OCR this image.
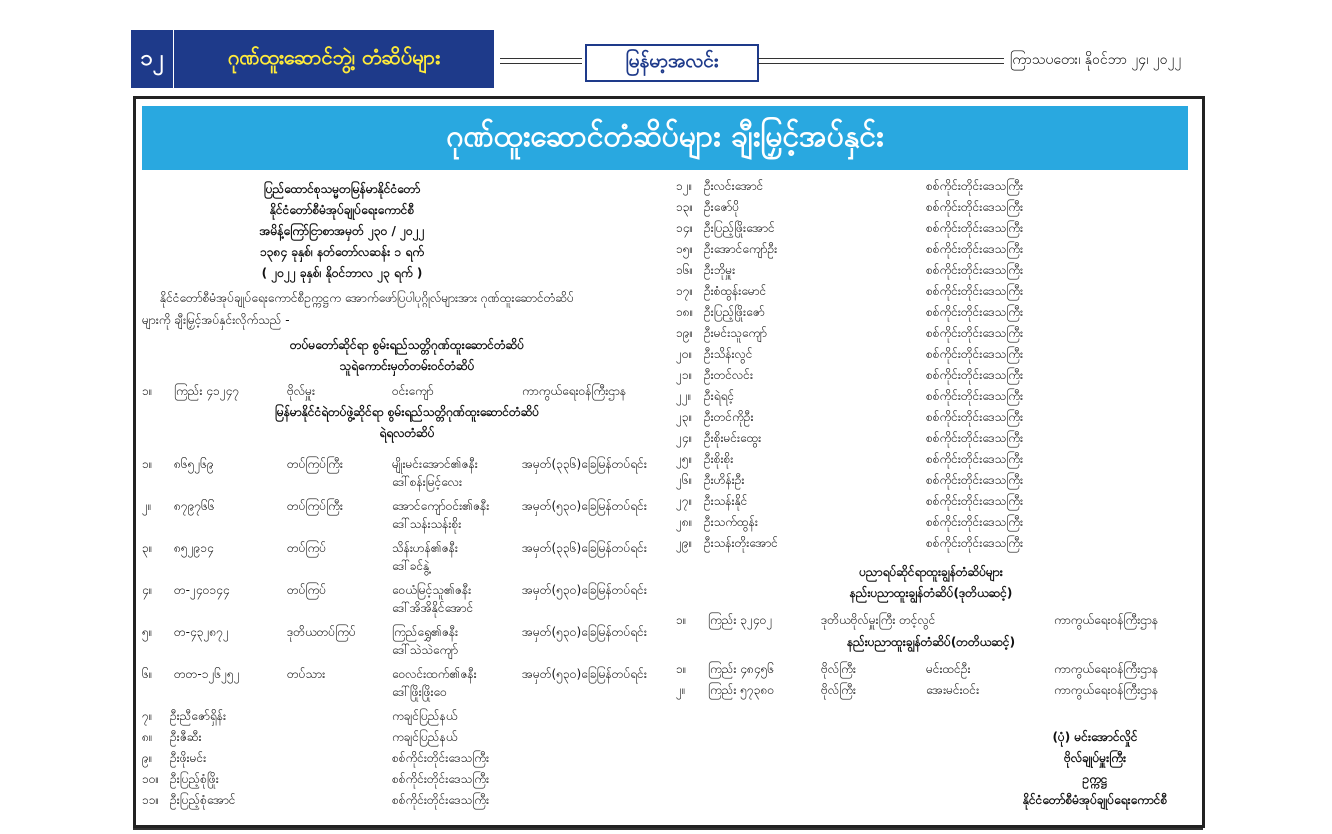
၁၂	ဂုဏ်ထူးဆောင်ဘွဲ့၊ တံဆိပ်များ	မြန်မာ့အလင်း	ကြာသပတေး၊ နိုဝင်ဘာ ၂၄၊ ၂၀၂၂
ဂုဏ်ထူးဆောင်တံဆိပ်များ ချီးမြှင့်အပ်နှင်း
ပြည်ထောင်စုသမ္မတမြန်မာနိုင်ငံတော်
နိုင်ငံတော်စီမံအုပ်ချုပ်ရေးကောင်စီ
အမိန့်ကြော်ငြာစာအမှတ် ၂၃၀ / ၂၀၂၂
၁၃၈၄ ခုနှစ်၊ နတ်တော်လဆန်း ၁ ရက်
( ၂၀၂၂ ခုနှစ်၊ နိုဝင်ဘာလ ၂၃ ရက် )
နိုင်ငံတော်စီမံအုပ်ချုပ်ရေးကောင်စီဥက္ကဋ္ဌက အောက်ဖော်ပြပါပုဂ္ဂိုလ်များအား ဂုဏ်ထူးဆောင်တံဆိပ်
များကို ချီးမြှင့်အပ်နှင်းလိုက်သည် -
တပ်မတော်ဆိုင်ရာ စွမ်းရည်သတ္တိဂုဏ်ထူးဆောင်တံဆိပ်
သူရဲကောင်းမှတ်တမ်းဝင်တံဆိပ်
၁။ ကြည်း ၄၁၂၄၇	ဗိုလ်မှူး	ဝင်းကျော်	ကာကွယ်ရေးဝန်ကြီးဌာန
မြန်မာနိုင်ငံရဲတပ်ဖွဲ့ဆိုင်ရာ စွမ်းရည်သတ္တိဂုဏ်ထူးဆောင်တံဆိပ်
ရဲရလတံဆိပ်
၁။ ၈၆၅၂၆၉	တပ်ကြပ်ကြီး	မျိုးမင်းအောင်၏ဇနီး	အမှတ်(၃၃၆)ခြေမြန်တပ်ရင်း
ဒေါ်စန်းမြင့်လေး
၂။ ၈၇၉၇၆၆	တပ်ကြပ်ကြီး	အောင်ကျော်ဝင်း၏ဇနီး	အမှတ်(၅၃၀)ခြေမြန်တပ်ရင်း
ဒေါ်သန်းသန်းစိုး
၃။ ၈၅၂၉၁၄	တပ်ကြပ်	သိန်းဟန်၏ဇနီး	အမှတ်(၃၃၆)ခြေမြန်တပ်ရင်း
ဒေါ်ခင်နွဲ့
၄။ တ-၂၄၀၁၄၄	တပ်ကြပ်	ဝေယံမြင့်သူ၏ဇနီး	အမှတ်(၅၃၀)ခြေမြန်တပ်ရင်း
ဒေါ်အိအိနိုင်အောင်
၅။ တ-၄၃၂၈၇၂	ဒုတိယတပ်ကြပ်	ကြည်ရွှေ၏ဇနီး	အမှတ်(၅၃၀)ခြေမြန်တပ်ရင်း
ဒေါ်သဲသဲကျော်
၆။ တတ-၁၂၆၂၅၂	တပ်သား	ဝေလင်းထက်၏ဇနီး	အမှတ်(၅၃၀)ခြေမြန်တပ်ရင်း
ဒေါ်ဖြိုးဖြိုးဝေ
၇။ ဦးညီဇော်ရှိန်း	ကချင်ပြည်နယ်
၈။ ဦးဇီဆီး	ကချင်ပြည်နယ်
၉။ ဦးဖိုးမင်း	စစ်ကိုင်းတိုင်းဒေသကြီး
၁၀။ ဦးပြည့်စုံဖြိုး	စစ်ကိုင်းတိုင်းဒေသကြီး
၁၁။ ဦးပြည့်စုံအောင်	စစ်ကိုင်းတိုင်းဒေသကြီး
၁၂။ ဦးလင်းအောင်	စစ်ကိုင်းတိုင်းဒေသကြီး
၁၃။ ဦးဇော်ပို	စစ်ကိုင်းတိုင်းဒေသကြီး
၁၄။ ဦးပြည့်ဖြိုးအောင်	စစ်ကိုင်းတိုင်းဒေသကြီး
၁၅။ ဦးအောင်ကျော်ဦး	စစ်ကိုင်းတိုင်းဒေသကြီး
၁၆။ ဦးဘိုမှူး	စစ်ကိုင်းတိုင်းဒေသကြီး
၁၇။ ဦးစံထွန်းမောင်	စစ်ကိုင်းတိုင်းဒေသကြီး
၁၈။ ဦးပြည့်ဖြိုးဇော်	စစ်ကိုင်းတိုင်းဒေသကြီး
၁၉။ ဦးမင်းသူကျော်	စစ်ကိုင်းတိုင်းဒေသကြီး
၂၀။ ဦးသိန်းလွင်	စစ်ကိုင်းတိုင်းဒေသကြီး
၂၁။ ဦးတင်လင်း	စစ်ကိုင်းတိုင်းဒေသကြီး
၂၂။ ဦးရဲရင့်	စစ်ကိုင်းတိုင်းဒေသကြီး
၂၃။ ဦးတင်ကိုဦး	စစ်ကိုင်းတိုင်းဒေသကြီး
၂၄။ ဦးစိုးမင်းထွေး	စစ်ကိုင်းတိုင်းဒေသကြီး
၂၅။ ဦးစိုးစိုး	စစ်ကိုင်းတိုင်းဒေသကြီး
၂၆။ ဦးဟိန်းဦး	စစ်ကိုင်းတိုင်းဒေသကြီး
၂၇။ ဦးသန်းနိုင်	စစ်ကိုင်းတိုင်းဒေသကြီး
၂၈။ ဦးသက်ထွန်း	စစ်ကိုင်းတိုင်းဒေသကြီး
၂၉။ ဦးသန်းတိုးအောင်	စစ်ကိုင်းတိုင်းဒေသကြီး
ပညာရပ်ဆိုင်ရာထူးချွန်တံဆိပ်များ
နည်းပညာထူးချွန်တံဆိပ်(ဒုတိယဆင့်)
၁။ ကြည်း ၃၂၄၀၂	ဒုတိယဗိုလ်မှူးကြီး တင့်လွင်	ကာကွယ်ရေးဝန်ကြီးဌာန
နည်းပညာထူးချွန်တံဆိပ်(တတိယဆင့်)
၁။ ကြည်း ၄၈၄၅၆	ဗိုလ်ကြီး	မင်းထင်ဦး	ကာကွယ်ရေးဝန်ကြီးဌာန
၂။ ကြည်း ၅၇၃၈၀	ဗိုလ်ကြီး	အေးမင်းဝင်း	ကာကွယ်ရေးဝန်ကြီးဌာန
(ပုံ) မင်းအောင်လှိုင်
ဗိုလ်ချုပ်မှူးကြီး
ဥက္ကဋ္ဌ
နိုင်ငံတော်စီမံအုပ်ချုပ်ရေးကောင်စီ
